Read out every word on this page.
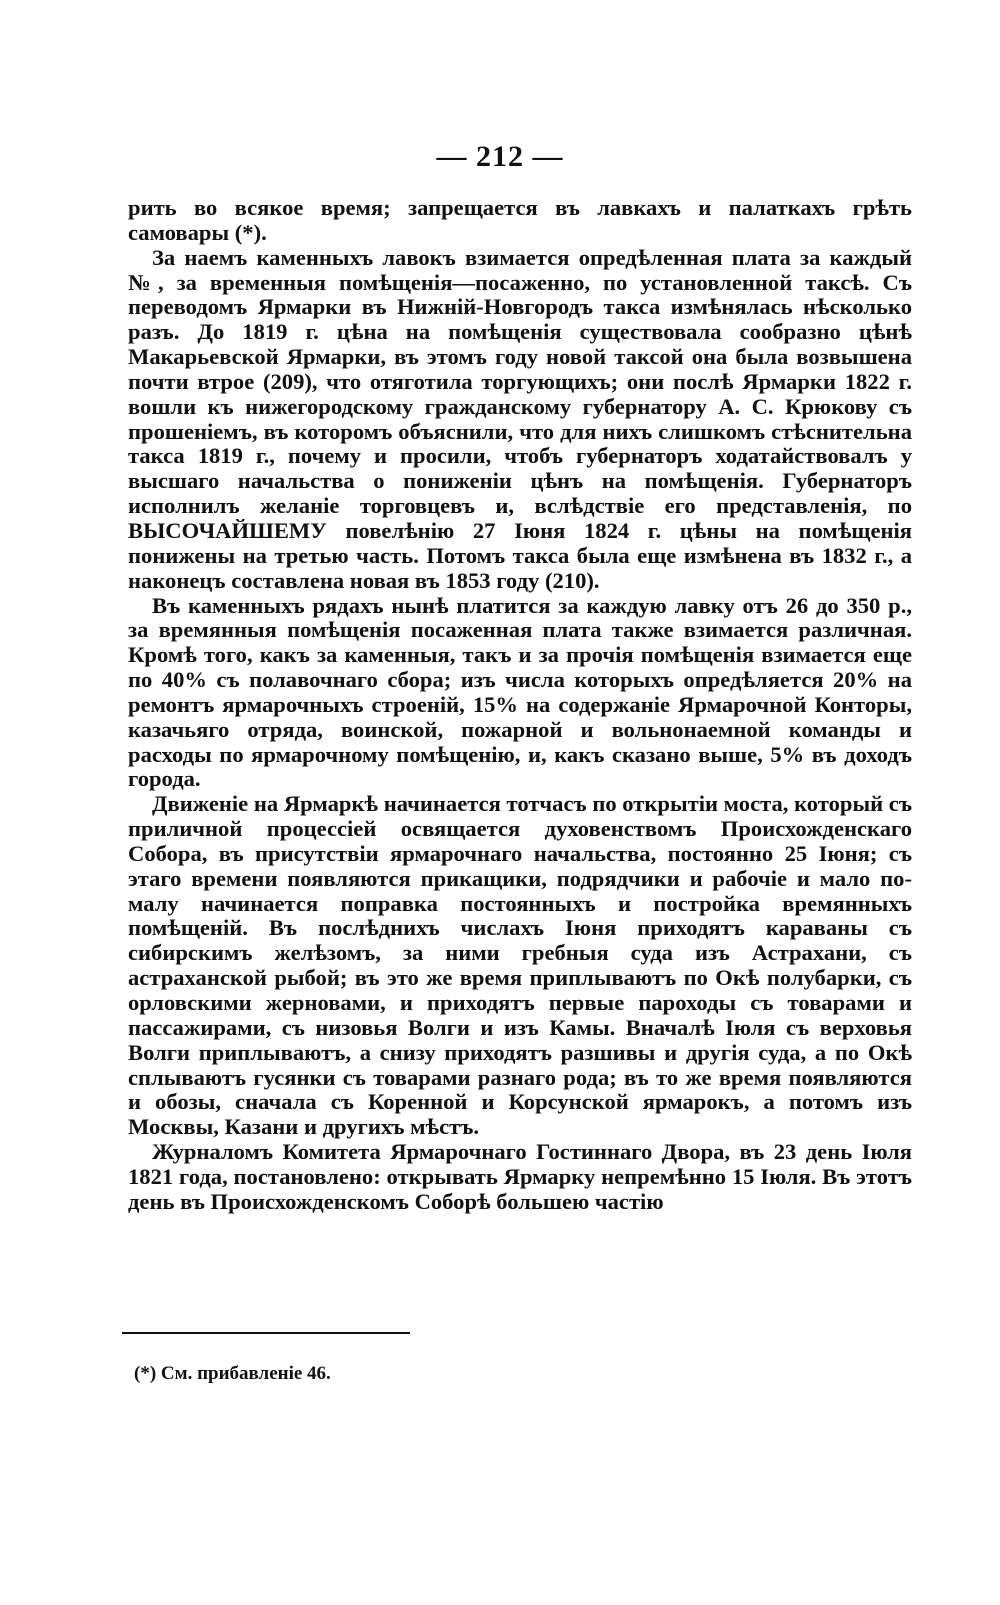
— 212 —

рить во всякое время; запрещается въ лавкахъ и палаткахъ грѣть самовары (*).

За наемъ каменныхъ лавокъ взимается опредѣленная плата за каждый №, за временныя помѣщенія—посаженно, по установленной таксѣ. Съ переводомъ Ярмарки въ Нижній-Новгородъ такса измѣнялась нѣсколько разъ. До 1819 г. цѣна на помѣщенія существовала сообразно цѣнѣ Макарьевской Ярмарки, въ этомъ году новой таксой она была возвышена почти втрое (209), что отяготила торгующихъ; они послѣ Ярмарки 1822 г. вошли къ нижегородскому гражданскому губернатору А. С. Крюкову съ прошеніемъ, въ которомъ объяснили, что для нихъ слишкомъ стѣснительна такса 1819 г., почему и просили, чтобъ губернаторъ ходатайствовалъ у высшаго начальства о пониженіи цѣнъ на помѣщенія. Губернаторъ исполнилъ желаніе торговцевъ и, вслѣдствіе его представленія, по ВЫСОЧАЙШЕМУ повелѣнію 27 Іюня 1824 г. цѣны на помѣщенія понижены на третью часть. Потомъ такса была еще измѣнена въ 1832 г., а наконецъ составлена новая въ 1853 году (210).

Въ каменныхъ рядахъ нынѣ платится за каждую лавку отъ 26 до 350 р., за времянныя помѣщенія посаженная плата также взимается различная. Кромѣ того, какъ за каменныя, такъ и за прочія помѣщенія взимается еще по 40% съ полавочнаго сбора; изъ числа которыхъ опредѣляется 20% на ремонтъ ярмарочныхъ строеній, 15% на содержаніе Ярмарочной Конторы, казачьяго отряда, воинской, пожарной и вольнонаемной команды и расходы по ярмарочному помѣщенію, и, какъ сказано выше, 5% въ доходъ города.

Движеніе на Ярмаркѣ начинается тотчасъ по открытіи моста, который съ приличной процессіей освящается духовенствомъ Происхожденскаго Собора, въ присутствіи ярмарочнаго начальства, постоянно 25 Іюня; съ этаго времени появляются прикащики, подрядчики и рабочіе и мало по-малу начинается поправка постоянныхъ и постройка времянныхъ помѣщеній. Въ послѣднихъ числахъ Іюня приходятъ караваны съ сибирскимъ желѣзомъ, за ними гребныя суда изъ Астрахани, съ астраханской рыбой; въ это же время приплываютъ по Окѣ полубарки, съ орловскими жерновами, и приходятъ первые пароходы съ товарами и пассажирами, съ низовья Волги и изъ Камы. Вначалѣ Іюля съ верховья Волги приплываютъ, а снизу приходятъ разшивы и другія суда, а по Окѣ сплываютъ гусянки съ товарами разнаго рода; въ то же время появляются и обозы, сначала съ Коренной и Корсунской ярмарокъ, а потомъ изъ Москвы, Казани и другихъ мѣстъ.

Журналомъ Комитета Ярмарочнаго Гостиннаго Двора, въ 23 день Іюля 1821 года, постановлено: открывать Ярмарку непремѣнно 15 Іюля. Въ этотъ день въ Происхожденскомъ Соборѣ большею частію

(*) См. прибавленіе 46.
